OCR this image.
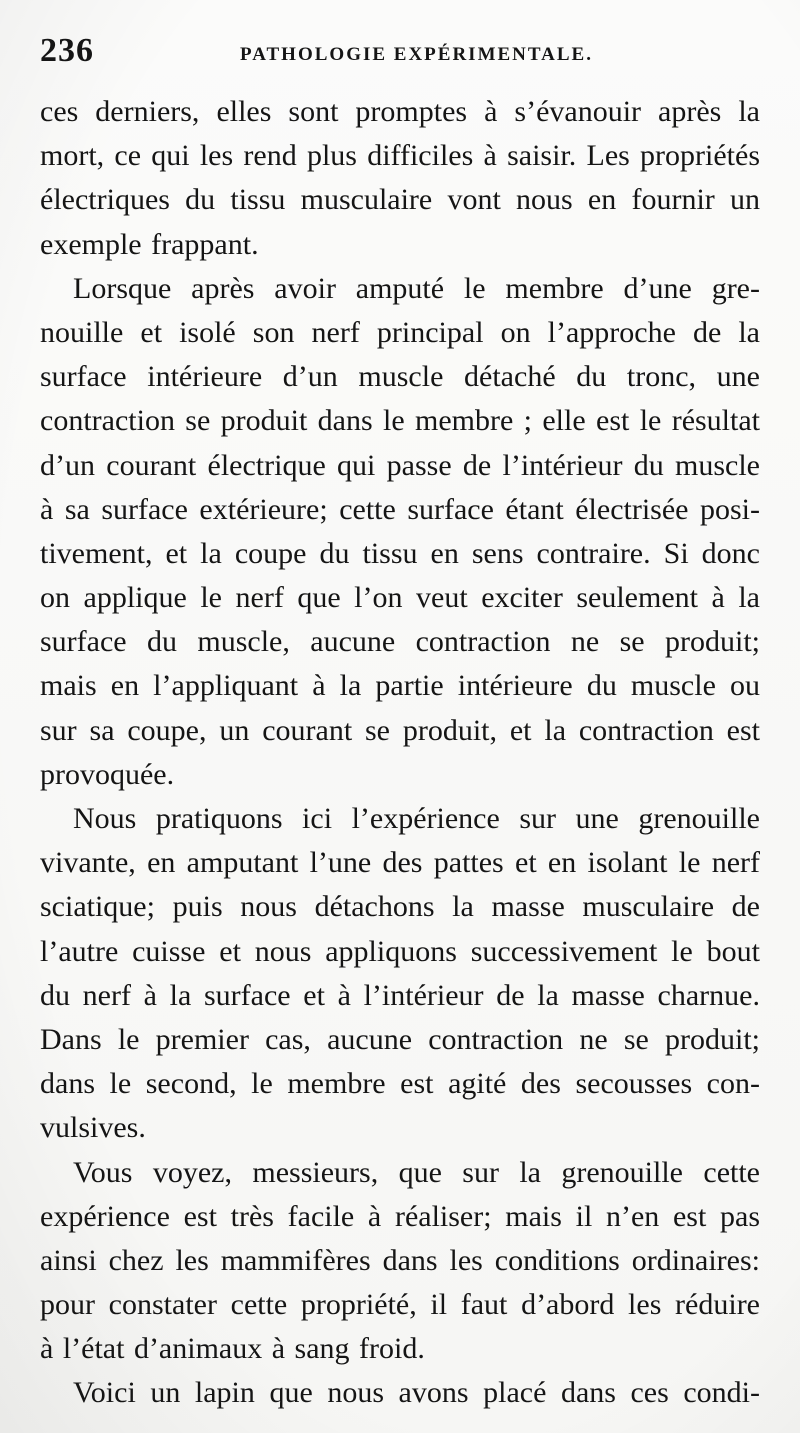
236	PATHOLOGIE EXPÉRIMENTALE.
ces derniers, elles sont promptes à s’évanouir après la
mort, ce qui les rend plus difficiles à saisir. Les propriétés
électriques du tissu musculaire vont nous en fournir un
exemple frappant.
Lorsque après avoir amputé le membre d’une gre-
nouille et isolé son nerf principal on l’approche de la
surface intérieure d’un muscle détaché du tronc, une
contraction se produit dans le membre ; elle est le résultat
d’un courant électrique qui passe de l’intérieur du muscle
à sa surface extérieure; cette surface étant électrisée posi-
tivement, et la coupe du tissu en sens contraire. Si donc
on applique le nerf que l’on veut exciter seulement à la
surface du muscle, aucune contraction ne se produit;
mais en l’appliquant à la partie intérieure du muscle ou
sur sa coupe, un courant se produit, et la contraction est
provoquée.
Nous pratiquons ici l’expérience sur une grenouille
vivante, en amputant l’une des pattes et en isolant le nerf
sciatique; puis nous détachons la masse musculaire de
l’autre cuisse et nous appliquons successivement le bout
du nerf à la surface et à l’intérieur de la masse charnue.
Dans le premier cas, aucune contraction ne se produit;
dans le second, le membre est agité des secousses con-
vulsives.
Vous voyez, messieurs, que sur la grenouille cette
expérience est très facile à réaliser; mais il n’en est pas
ainsi chez les mammifères dans les conditions ordinaires:
pour constater cette propriété, il faut d’abord les réduire
à l’état d’animaux à sang froid.
Voici un lapin que nous avons placé dans ces condi-
